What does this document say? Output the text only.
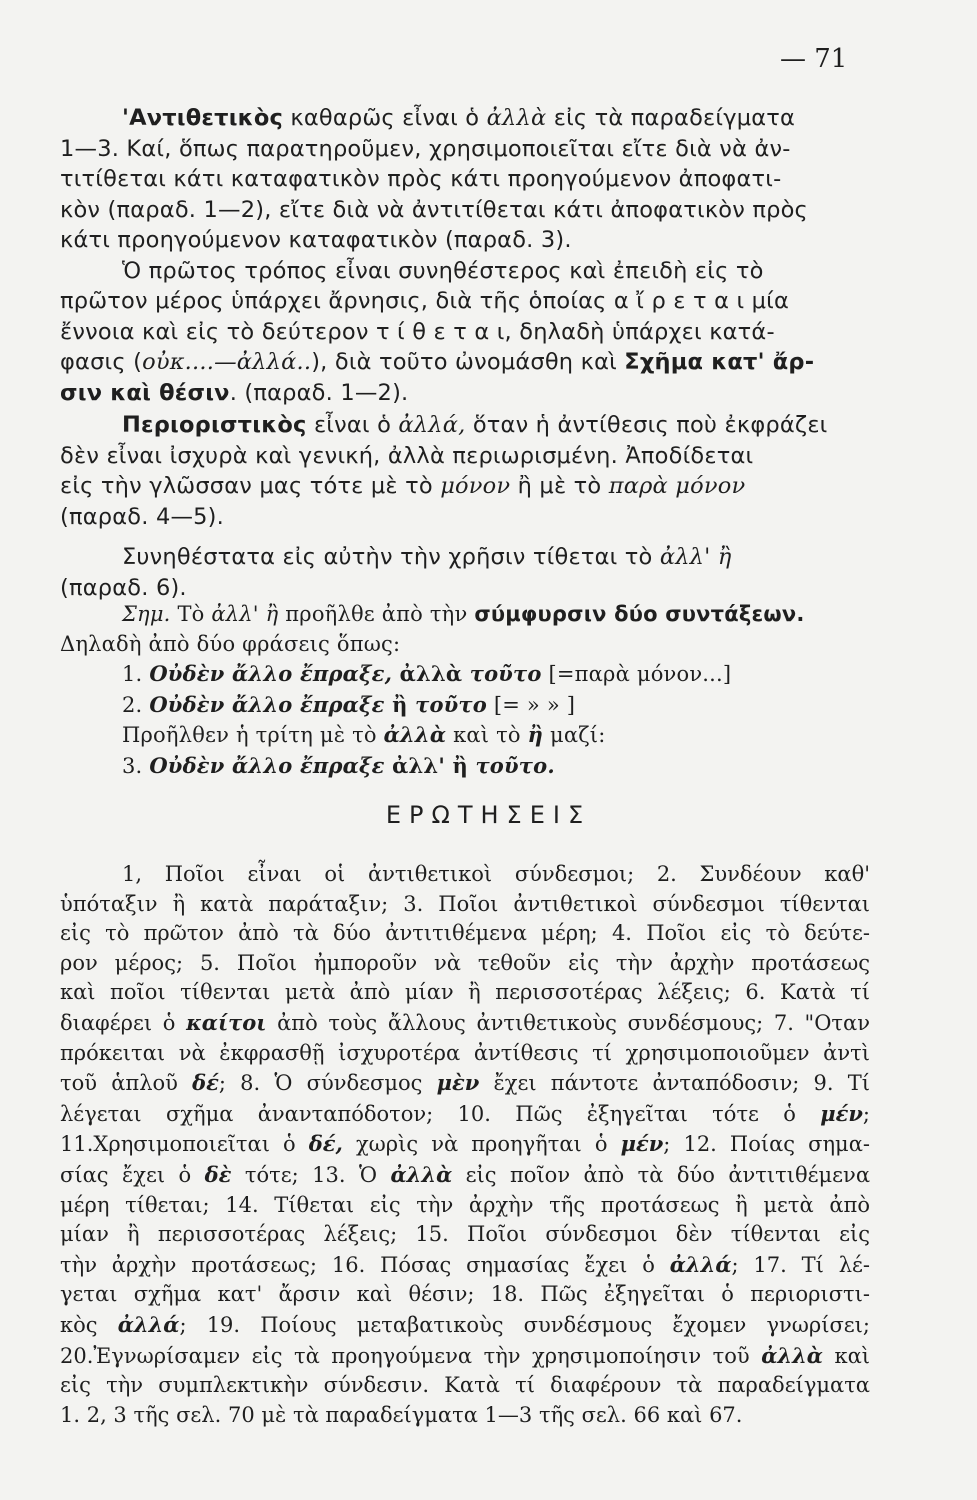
— 71
'Αντιθετικὸς καθαρῶς εἶναι ὁ ἀλλὰ εἰς τὰ παραδείγματα
1—3. Καί, ὅπως παρατηροῦμεν, χρησιμοποιεῖται εἴτε διὰ νὰ ἀν-
τιτίθεται κάτι καταφατικὸν πρὸς κάτι προηγούμενον ἀποφατι-
κὸν (παραδ. 1—2), εἴτε διὰ νὰ ἀντιτίθεται κάτι ἀποφατικὸν πρὸς
κάτι προηγούμενον καταφατικὸν (παραδ. 3).
Ὁ πρῶτος τρόπος εἶναι συνηθέστερος καὶ ἐπειδὴ εἰς τὸ
πρῶτον μέρος ὑπάρχει ἄρνησις, διὰ τῆς ὁποίας α ἴ ρ ε τ α ι μία
ἔννοια καὶ εἰς τὸ δεύτερον τ ί θ ε τ α ι, δηλαδὴ ὑπάρχει κατά-
φασις (οὐκ....—ἀλλά..), διὰ τοῦτο ὠνομάσθη καὶ Σχῆμα κατ' ἄρ-
σιν καὶ θέσιν. (παραδ. 1—2).
Περιοριστικὸς εἶναι ὁ ἀλλά, ὅταν ἡ ἀντίθεσις ποὺ ἐκφράζει
δὲν εἶναι ἰσχυρὰ καὶ γενική, ἀλλὰ περιωρισμένη. Ἀποδίδεται
εἰς τὴν γλῶσσαν μας τότε μὲ τὸ μόνον ἢ μὲ τὸ παρὰ μόνον
(παραδ. 4—5).
Συνηθέστατα εἰς αὐτὴν τὴν χρῆσιν τίθεται τὸ ἀλλ' ἢ
(παραδ. 6).
Σημ. Τὸ ἀλλ' ἢ προῆλθε ἀπὸ τὴν σύμφυρσιν δύο συντάξεων.
Δηλαδὴ ἀπὸ δύο φράσεις ὅπως:
1. Οὐδὲν ἄλλο ἔπραξε, ἀλλὰ τοῦτο [=παρὰ μόνον...]
2. Οὐδὲν ἄλλο ἔπραξε ἢ τοῦτο [= » » ]
Προῆλθεν ἡ τρίτη μὲ τὸ ἀλλὰ καὶ τὸ ἢ μαζί:
3. Οὐδὲν ἄλλο ἔπραξε ἀλλ' ἢ τοῦτο.
ΕΡΩΤΗΣΕΙΣ
1, Ποῖοι εἶναι οἱ ἀντιθετικοὶ σύνδεσμοι; 2. Συνδέουν καθ'
ὑπόταξιν ἢ κατὰ παράταξιν; 3. Ποῖοι ἀντιθετικοὶ σύνδεσμοι τίθενται
εἰς τὸ πρῶτον ἀπὸ τὰ δύο ἀντιτιθέμενα μέρη; 4. Ποῖοι εἰς τὸ δεύτε-
ρον μέρος; 5. Ποῖοι ἠμποροῦν νὰ τεθοῦν εἰς τὴν ἀρχὴν προτάσεως
καὶ ποῖοι τίθενται μετὰ ἀπὸ μίαν ἢ περισσοτέρας λέξεις; 6. Κατὰ τί
διαφέρει ὁ καίτοι ἀπὸ τοὺς ἄλλους ἀντιθετικοὺς συνδέσμους; 7. "Οταν
πρόκειται νὰ ἐκφρασθῇ ἰσχυροτέρα ἀντίθεσις τί χρησιμοποιοῦμεν ἀντὶ
τοῦ ἁπλοῦ δέ; 8. Ὁ σύνδεσμος μὲν ἔχει πάντοτε ἀνταπόδοσιν; 9. Τί
λέγεται σχῆμα ἀνανταπόδοτον; 10. Πῶς ἐξηγεῖται τότε ὁ μέν;
11.Χρησιμοποιεῖται ὁ δέ, χωρὶς νὰ προηγῆται ὁ μέν; 12. Ποίας σημα-
σίας ἔχει ὁ δὲ τότε; 13. Ὁ ἀλλὰ εἰς ποῖον ἀπὸ τὰ δύο ἀντιτιθέμενα
μέρη τίθεται; 14. Τίθεται εἰς τὴν ἀρχὴν τῆς προτάσεως ἢ μετὰ ἀπὸ
μίαν ἢ περισσοτέρας λέξεις; 15. Ποῖοι σύνδεσμοι δὲν τίθενται εἰς
τὴν ἀρχὴν προτάσεως; 16. Πόσας σημασίας ἔχει ὁ ἀλλά; 17. Τί λέ-
γεται σχῆμα κατ' ἄρσιν καὶ θέσιν; 18. Πῶς ἐξηγεῖται ὁ περιοριστι-
κὸς ἀλλά; 19. Ποίους μεταβατικοὺς συνδέσμους ἔχομεν γνωρίσει;
20.Ἐγνωρίσαμεν εἰς τὰ προηγούμενα τὴν χρησιμοποίησιν τοῦ ἀλλὰ καὶ
εἰς τὴν συμπλεκτικὴν σύνδεσιν. Κατὰ τί διαφέρουν τὰ παραδείγματα
1. 2, 3 τῆς σελ. 70 μὲ τὰ παραδείγματα 1—3 τῆς σελ. 66 καὶ 67.
